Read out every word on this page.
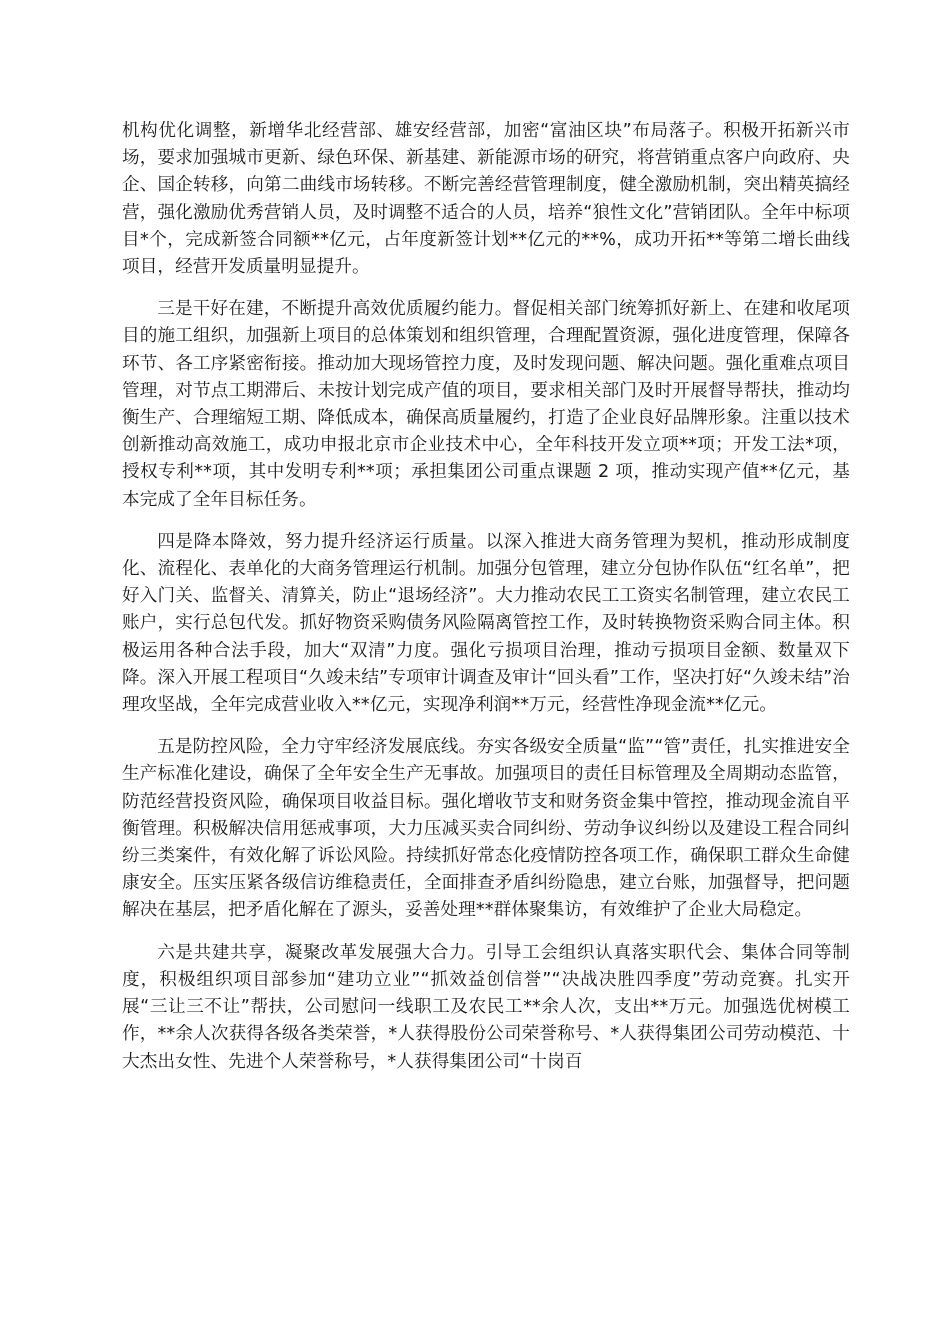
机构优化调整，新增华北经营部、雄安经营部，加密“富油区块”布局落子。积极开拓新兴市场，要求加强城市更新、绿色环保、新基建、新能源市场的研究，将营销重点客户向政府、央企、国企转移，向第二曲线市场转移。不断完善经营管理制度，健全激励机制，突出精英搞经营，强化激励优秀营销人员，及时调整不适合的人员，培养“狼性文化”营销团队。全年中标项目*个，完成新签合同额**亿元，占年度新签计划**亿元的**%，成功开拓**等第二增长曲线项目，经营开发质量明显提升。

三是干好在建，不断提升高效优质履约能力。督促相关部门统筹抓好新上、在建和收尾项目的施工组织，加强新上项目的总体策划和组织管理，合理配置资源，强化进度管理，保障各环节、各工序紧密衔接。推动加大现场管控力度，及时发现问题、解决问题。强化重难点项目管理，对节点工期滞后、未按计划完成产值的项目，要求相关部门及时开展督导帮扶，推动均衡生产、合理缩短工期、降低成本，确保高质量履约，打造了企业良好品牌形象。注重以技术创新推动高效施工，成功申报北京市企业技术中心，全年科技开发立项**项；开发工法*项，授权专利**项，其中发明专利**项；承担集团公司重点课题 2 项，推动实现产值**亿元，基本完成了全年目标任务。

四是降本降效，努力提升经济运行质量。以深入推进大商务管理为契机，推动形成制度化、流程化、表单化的大商务管理运行机制。加强分包管理，建立分包协作队伍“红名单”，把好入门关、监督关、清算关，防止“退场经济”。大力推动农民工工资实名制管理，建立农民工账户，实行总包代发。抓好物资采购债务风险隔离管控工作，及时转换物资采购合同主体。积极运用各种合法手段，加大“双清”力度。强化亏损项目治理，推动亏损项目金额、数量双下降。深入开展工程项目“久竣未结”专项审计调查及审计“回头看”工作，坚决打好“久竣未结”治理攻坚战，全年完成营业收入**亿元，实现净利润**万元，经营性净现金流**亿元。

五是防控风险，全力守牢经济发展底线。夯实各级安全质量“监”“管”责任，扎实推进安全生产标准化建设，确保了全年安全生产无事故。加强项目的责任目标管理及全周期动态监管，防范经营投资风险，确保项目收益目标。强化增收节支和财务资金集中管控，推动现金流自平衡管理。积极解决信用惩戒事项，大力压减买卖合同纠纷、劳动争议纠纷以及建设工程合同纠纷三类案件，有效化解了诉讼风险。持续抓好常态化疫情防控各项工作，确保职工群众生命健康安全。压实压紧各级信访维稳责任，全面排查矛盾纠纷隐患，建立台账，加强督导，把问题解决在基层，把矛盾化解在了源头，妥善处理**群体聚集访，有效维护了企业大局稳定。

六是共建共享，凝聚改革发展强大合力。引导工会组织认真落实职代会、集体合同等制度，积极组织项目部参加“建功立业”“抓效益创信誉”“决战决胜四季度”劳动竞赛。扎实开展“三让三不让”帮扶，公司慰问一线职工及农民工**余人次，支出**万元。加强选优树模工作，**余人次获得各级各类荣誉，*人获得股份公司荣誉称号、*人获得集团公司劳动模范、十大杰出女性、先进个人荣誉称号，*人获得集团公司“十岗百
